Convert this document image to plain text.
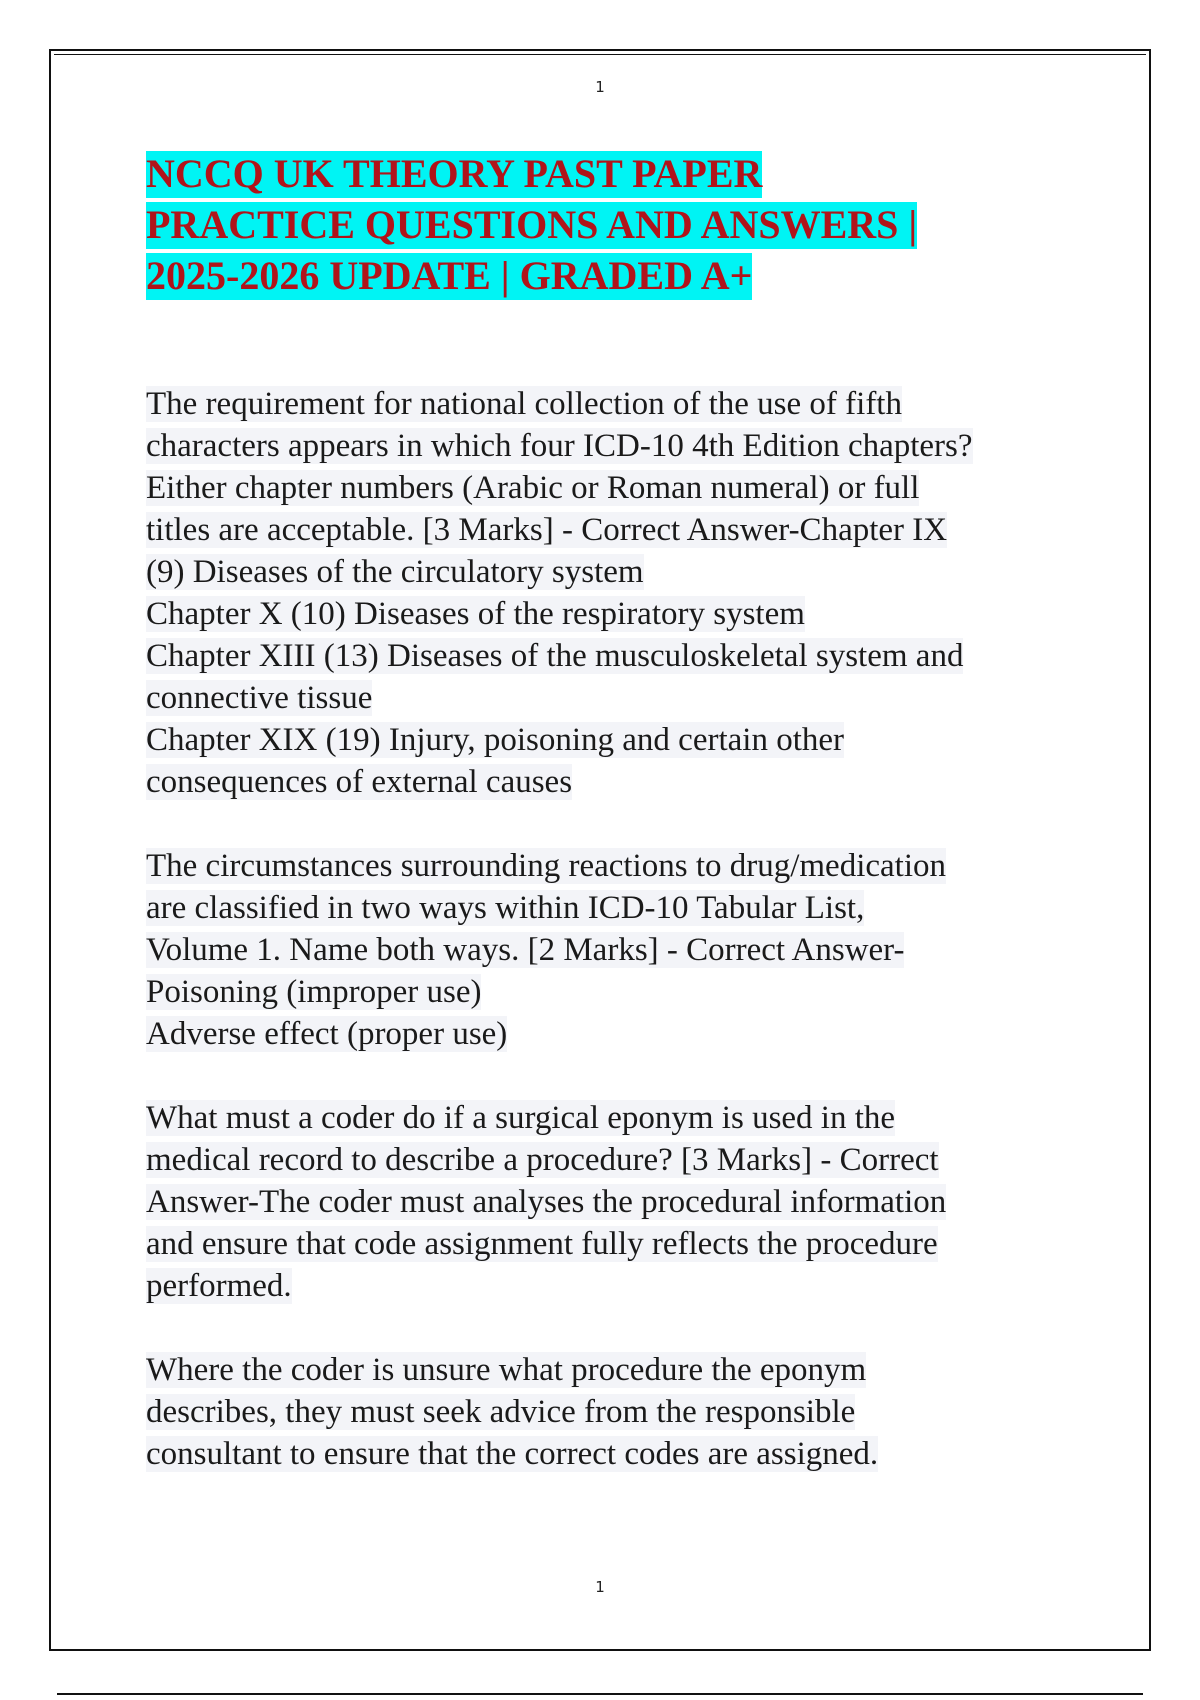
1
NCCQ UK THEORY PAST PAPER
PRACTICE QUESTIONS AND ANSWERS |
2025-2026 UPDATE | GRADED A+
The requirement for national collection of the use of fifth
characters appears in which four ICD-10 4th Edition chapters?
Either chapter numbers (Arabic or Roman numeral) or full
titles are acceptable. [3 Marks] - Correct Answer-Chapter IX
(9) Diseases of the circulatory system
Chapter X (10) Diseases of the respiratory system
Chapter XIII (13) Diseases of the musculoskeletal system and
connective tissue
Chapter XIX (19) Injury, poisoning and certain other
consequences of external causes
The circumstances surrounding reactions to drug/medication
are classified in two ways within ICD-10 Tabular List,
Volume 1. Name both ways. [2 Marks] - Correct Answer-
Poisoning (improper use)
Adverse effect (proper use)
What must a coder do if a surgical eponym is used in the
medical record to describe a procedure? [3 Marks] - Correct
Answer-The coder must analyses the procedural information
and ensure that code assignment fully reflects the procedure
performed.
Where the coder is unsure what procedure the eponym
describes, they must seek advice from the responsible
consultant to ensure that the correct codes are assigned.
1
